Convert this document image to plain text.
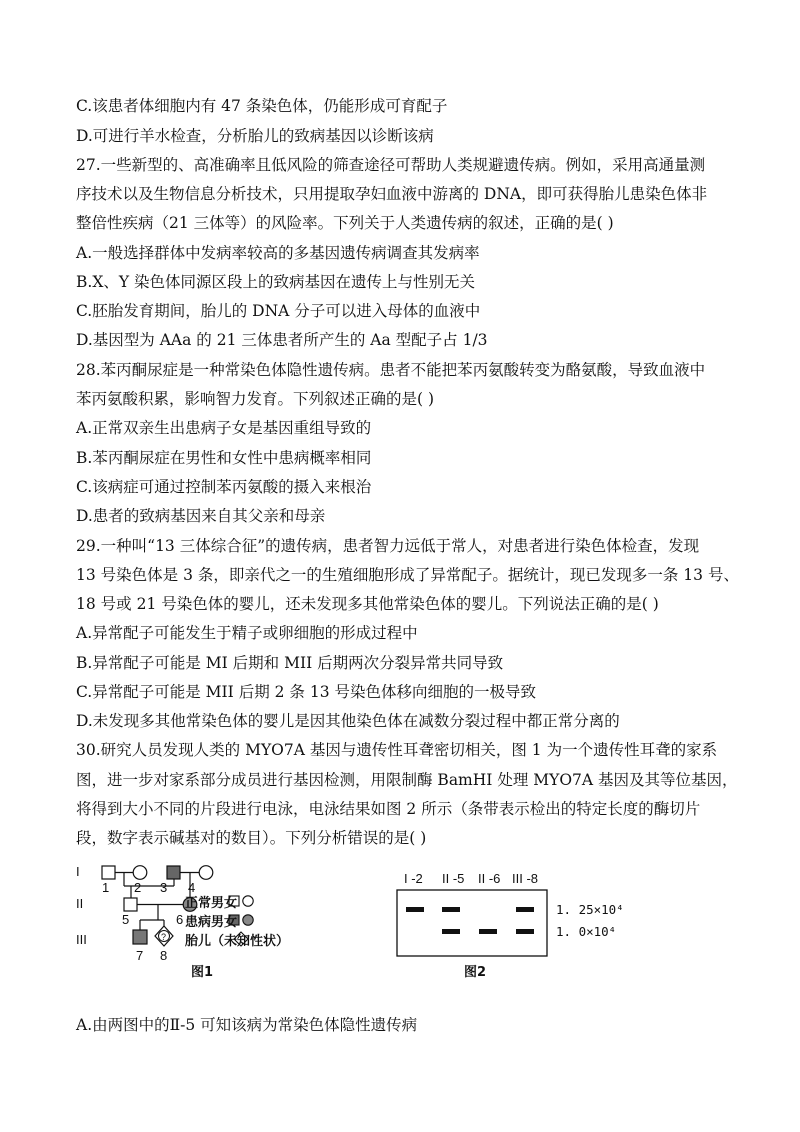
C.该患者体细胞内有 47 条染色体，仍能形成可育配子
D.可进行羊水检查，分析胎儿的致病基因以诊断该病
27.一些新型的、高准确率且低风险的筛查途径可帮助人类规避遗传病。例如，采用高通量测
序技术以及生物信息分析技术，只用提取孕妇血液中游离的 DNA，即可获得胎儿患染色体非
整倍性疾病（21 三体等）的风险率。下列关于人类遗传病的叙述，正确的是( )
A.一般选择群体中发病率较高的多基因遗传病调查其发病率
B.X、Y 染色体同源区段上的致病基因在遗传上与性别无关
C.胚胎发育期间，胎儿的 DNA 分子可以进入母体的血液中
D.基因型为 AAa 的 21 三体患者所产生的 Aa 型配子占 1/3
28.苯丙酮尿症是一种常染色体隐性遗传病。患者不能把苯丙氨酸转变为酪氨酸，导致血液中
苯丙氨酸积累，影响智力发育。下列叙述正确的是( )
A.正常双亲生出患病子女是基因重组导致的
B.苯丙酮尿症在男性和女性中患病概率相同
C.该病症可通过控制苯丙氨酸的摄入来根治
D.患者的致病基因来自其父亲和母亲
29.一种叫“13 三体综合征”的遗传病，患者智力远低于常人，对患者进行染色体检查，发现
13 号染色体是 3 条，即亲代之一的生殖细胞形成了异常配子。据统计，现已发现多一条 13 号、
18 号或 21 号染色体的婴儿，还未发现多其他常染色体的婴儿。下列说法正确的是( )
A.异常配子可能发生于精子或卵细胞的形成过程中
B.异常配子可能是 MI 后期和 MII 后期两次分裂异常共同导致
C.异常配子可能是 MII 后期 2 条 13 号染色体移向细胞的一极导致
D.未发现多其他常染色体的婴儿是因其他染色体在减数分裂过程中都正常分离的
30.研究人员发现人类的 MYO7A 基因与遗传性耳聋密切相关，图 1 为一个遗传性耳聋的家系
图，进一步对家系部分成员进行基因检测，用限制酶 BamHI 处理 MYO7A 基因及其等位基因，
将得到大小不同的片段进行电泳，电泳结果如图 2 所示（条带表示检出的特定长度的酶切片
段，数字表示碱基对的数目）。下列分析错误的是( )
I
II
III
1 2 3 4
5	6
?
7 8
正常男女
患病男女
胎儿（未知性状）
图1
I -2 II -5 II -6 III -8
1. 25×10⁴
1. 0×10⁴
图2
A.由两图中的Ⅱ-5 可知该病为常染色体隐性遗传病
